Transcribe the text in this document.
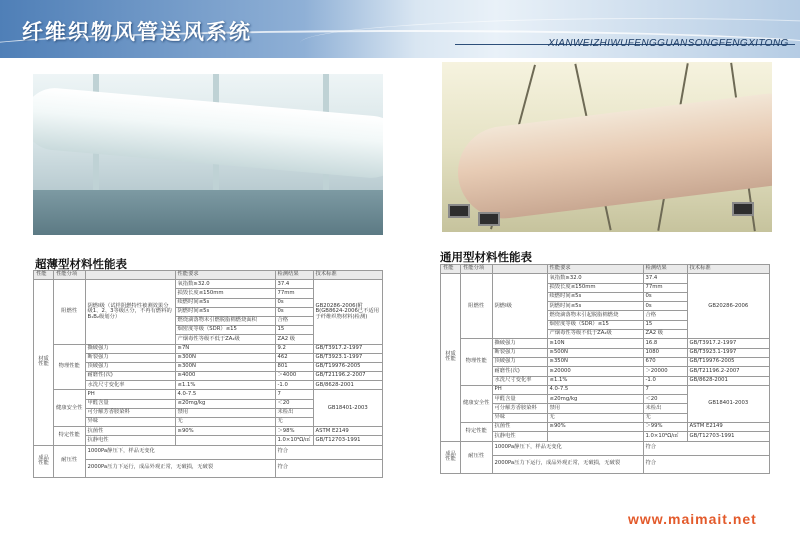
纤维织物风管送风系统	XIANWEIZHIWUFENGGUANSONGFENGXITONG
超薄型材料性能表	通用型材料性能表
性能	性能分项		性能要求	检测结果	技术标准
材质
性能	阻燃性	阴燃Ⅰ级（试样阴燃特性被测效果分级1、2、3等级区分，不再有燃料的B₁B₂级划分）	氧指数≥32.0	37.4	GB20286-2006(附B(GB8624-2006已不适用于纤维织物材料)检测)
			损毁长度≤150mm	77mm	
			续燃时间≤5s	0s	
			阴燃时间≤5s	0s	
			燃烧滴落物未引燃脱脂棉燃烧面积	合格	
			烟密度等级（SDR）≤15	15	
			产烟毒性等级不低于ZA₂级	ZA2 级	
	物理性能	撕破强力	≥7N	9.2	GB/T3917.2-1997
		断裂强力	≥300N	462	GB/T3923.1-1997
		顶破强力	≥300N	801	GB/T19976-2005
		耐磨性(次)	≥4000	＞4000	GB/T21196.2-2007
		水洗尺寸变化率	≤1.1%	-1.0	GB/8628-2001
	健康安全性	PH	4.0-7.5	7	GB18401-2003
		甲醛含量	≤20mg/kg	＜20	
		可分解芳香胺染料	禁用	未检出	
		异味	无	无	
	特定性能	抗菌性	≥90%	＞98%	ASTM E2149
		抗静电性		1.0×10⁹Ω/㎡	GB/T12703-1991
成品
性能	耐压性	1000Pa静压下，样品无变化		符合	
		2000Pa压力下运行，成品外观正常，无破损，无破裂		符合	
性能	性能分项		性能要求	检测结果	技术标准
材质
性能	阻燃性	阴燃Ⅰ级	氧指数≥32.0	37.4	GB20286-2006
			损毁长度≤150mm	77mm	
			续燃时间≤5s	0s	
			阴燃时间≤5s	0s	
			燃烧滴落物未引起脱脂棉燃烧	合格	
			烟密度等级（SDR）≤15	15	
			产烟毒性等级不低于ZA₂级	ZA2 级	
	物理性能	撕破强力	≥10N	16.8	GB/T3917.2-1997
		断裂强力	≥500N	1080	GB/T3923.1-1997
		顶破强力	≥350N	670	GB/T19976-2005
		耐磨性(次)	≥20000	＞20000	GB/T21196.2-2007
		水洗尺寸变化率	≤1.1%	-1.0	GB/8628-2001
	健康安全性	PH	4.0-7.5	7	GB18401-2003
		甲醛含量	≤20mg/kg	＜20	
		可分解芳香胺染料	禁用	未检出	
		异味	无	无	
	特定性能	抗菌性	≥90%	＞99%	ASTM E2149
		抗静电性		1.0×10⁹Ω/㎡	GB/T12703-1991
成品
性能	耐压性	1000Pa静压下，样品无变化		符合	
		2000Pa压力下运行，成品外观正常，无破损，无破裂		符合	
www.maimait.net
